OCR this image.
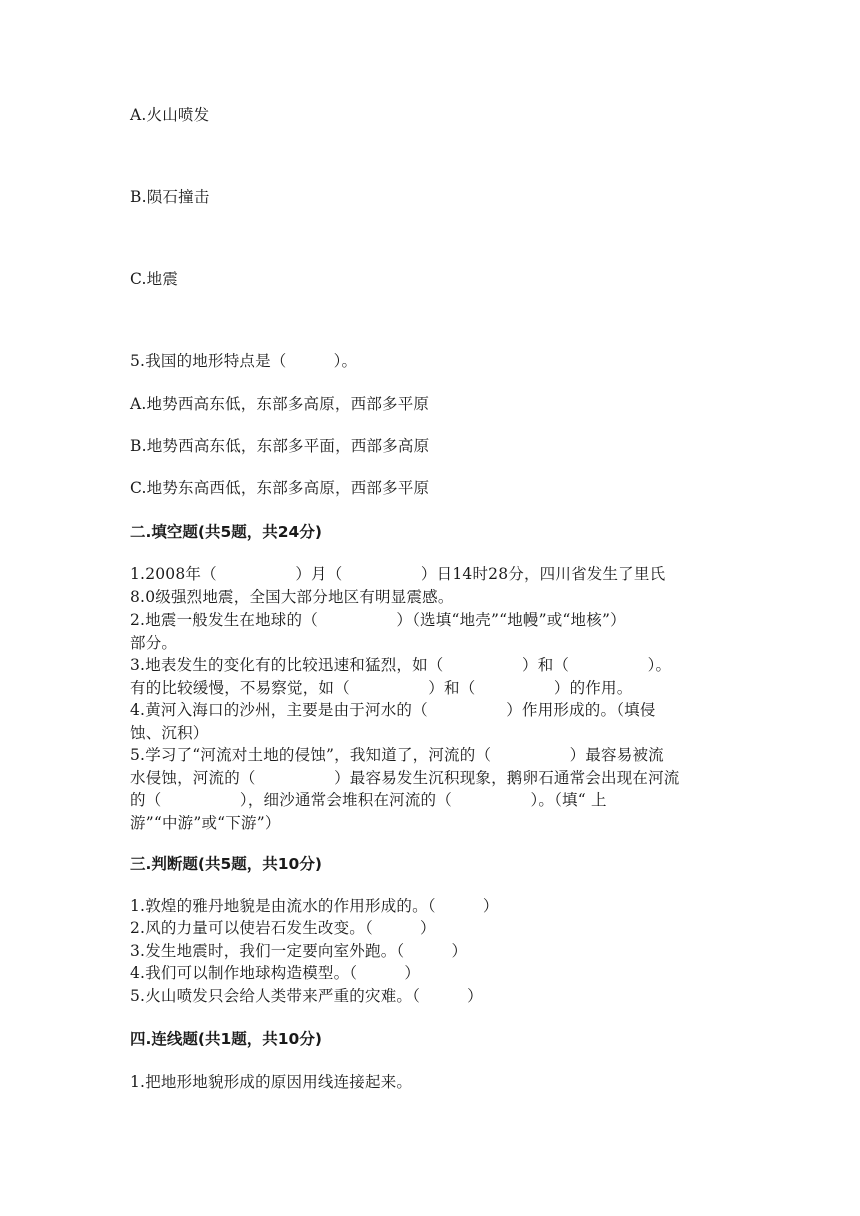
A.火山喷发
B.陨石撞击
C.地震
5.我国的地形特点是（　　　）。
A.地势西高东低，东部多高原，西部多平原
B.地势西高东低，东部多平面，西部多高原
C.地势东高西低，东部多高原，西部多平原
二.填空题(共5题，共24分)
1.2008年（　　　　　）月（　　　　　）日14时28分，四川省发生了里氏
8.0级强烈地震，全国大部分地区有明显震感。
2.地震一般发生在地球的（　　　　　）（选填“地壳”“地幔”或“地核”）
部分。
3.地表发生的变化有的比较迅速和猛烈，如（　　　　　）和（　　　　　）。
有的比较缓慢，不易察觉，如（　　　　　）和（　　　　　）的作用。
4.黄河入海口的沙州，主要是由于河水的（　　　　　）作用形成的。（填侵
蚀、沉积）
5.学习了“河流对土地的侵蚀”，我知道了，河流的（　　　　　）最容易被流
水侵蚀，河流的（　　　　　）最容易发生沉积现象，鹅卵石通常会出现在河流
的（　　　　　），细沙通常会堆积在河流的（　　　　　）。（填“ 上
游”“中游”或“下游”）
三.判断题(共5题，共10分)
1.敦煌的雅丹地貌是由流水的作用形成的。（　　　）
2.风的力量可以使岩石发生改变。（　　　）
3.发生地震时，我们一定要向室外跑。（　　　）
4.我们可以制作地球构造模型。（　　　）
5.火山喷发只会给人类带来严重的灾难。（　　　）
四.连线题(共1题，共10分)
1.把地形地貌形成的原因用线连接起来。
